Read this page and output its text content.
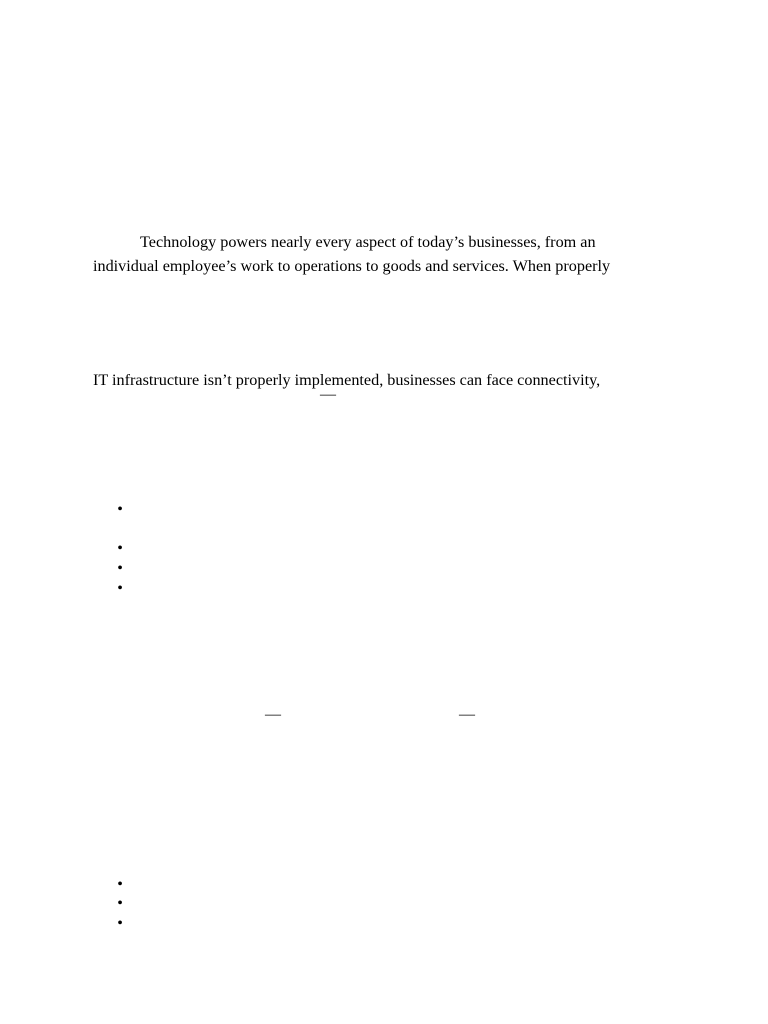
Technology powers nearly every aspect of today’s businesses, from an
individual employee’s work to operations to goods and services. When properly
IT infrastructure isn’t properly implemented, businesses can face connectivity,
—
•
•
•
•
—	—
•
•
•
